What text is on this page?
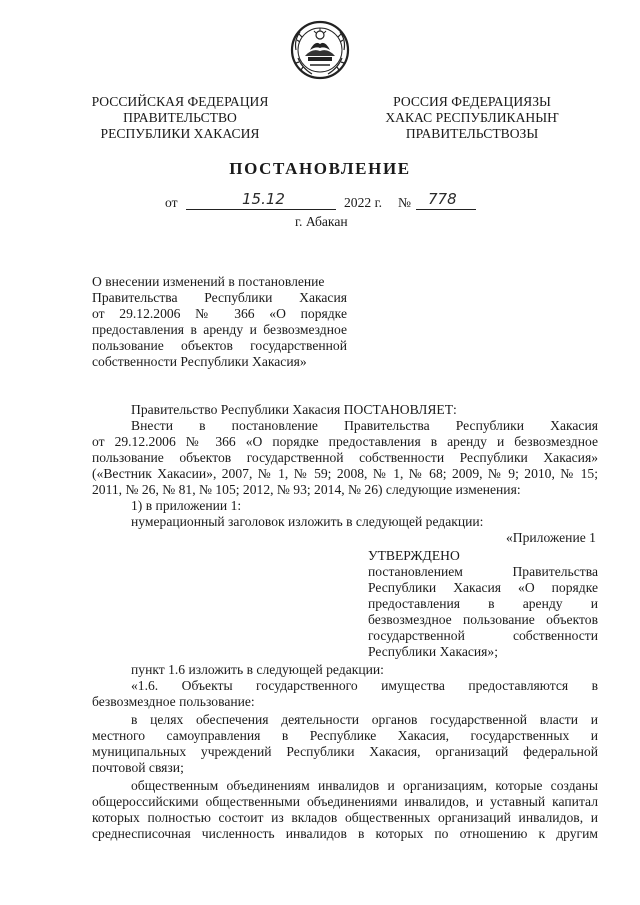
РОССИЙСКАЯ ФЕДЕРАЦИЯ
ПРАВИТЕЛЬСТВО
РЕСПУБЛИКИ ХАКАСИЯ
РОССИЯ ФЕДЕРАЦИЯЗЫ
ХАКАС РЕСПУБЛИКАНЫҤ
ПРАВИТЕЛЬСТВОЗЫ
ПОСТАНОВЛЕНИЕ
от	15.12	2022 г. № 778
г. Абакан
О внесении изменений в постановление
Правительства Республики Хакасия
от 29.12.2006 № 366 «О порядке
предоставления в аренду и безвозмездное
пользование объектов государственной
собственности Республики Хакасия»
Правительство Республики Хакасия ПОСТАНОВЛЯЕТ:
Внести в постановление Правительства Республики Хакасия
от 29.12.2006 № 366 «О порядке предоставления в аренду и безвозмездное
пользование объектов государственной собственности Республики Хакасия»
(«Вестник Хакасии», 2007, № 1, № 59; 2008, № 1, № 68; 2009, № 9; 2010, № 15;
2011, № 26, № 81, № 105; 2012, № 93; 2014, № 26) следующие изменения:
1) в приложении 1:
нумерационный заголовок изложить в следующей редакции:
«Приложение 1
УТВЕРЖДЕНО
постановлением Правительства
Республики Хакасия «О порядке
предоставления в аренду и
безвозмездное пользование объектов
государственной собственности
Республики Хакасия»;
пункт 1.6 изложить в следующей редакции:
«1.6. Объекты государственного имущества предоставляются в
безвозмездное пользование:
в целях обеспечения деятельности органов государственной власти и
местного самоуправления в Республике Хакасия, государственных и
муниципальных учреждений Республики Хакасия, организаций федеральной
почтовой связи;
общественным объединениям инвалидов и организациям, которые созданы
общероссийскими общественными объединениями инвалидов, и уставный капитал
которых полностью состоит из вкладов общественных организаций инвалидов, и
среднесписочная численность инвалидов в которых по отношению к другим
